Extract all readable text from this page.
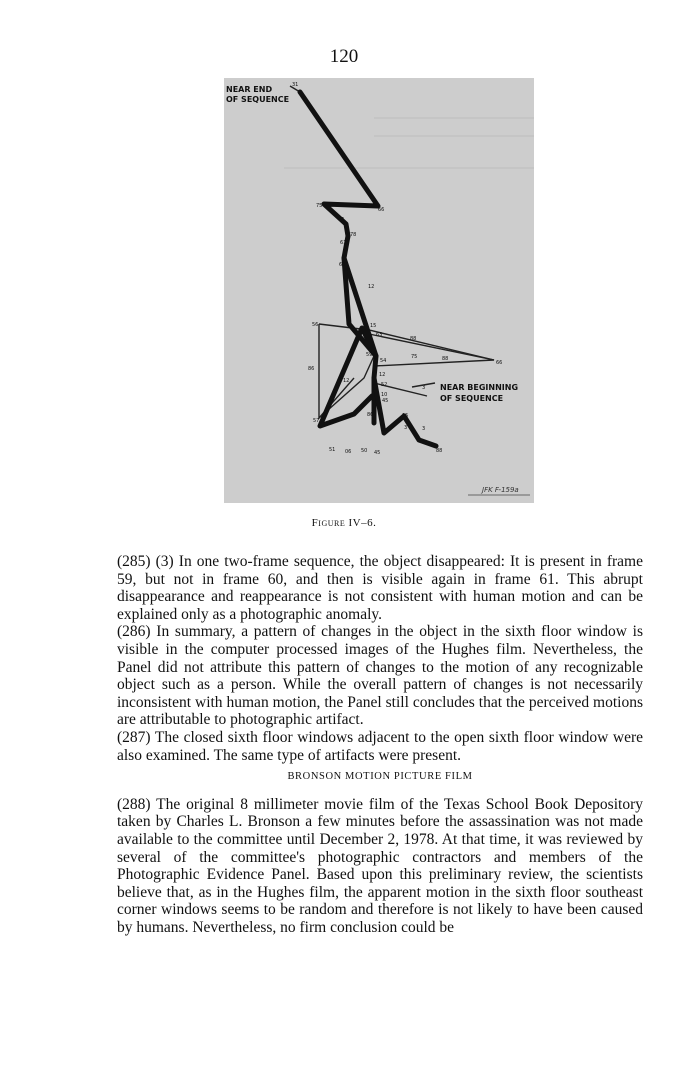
120
31
66
75
3
78
61
63
12
56	15
63
88
88
66
59
54
75
12
86
12
52
10
45
3
35
86
57
3
3
51 06 50 45	88
NEAR END
OF SEQUENCE
NEAR BEGINNING
OF SEQUENCE
JFK F-159a
Figure IV–6.

(285) (3) In one two-frame sequence, the object disappeared: It is present in frame 59, but not in frame 60, and then is visible again in frame 61. This abrupt disappearance and reappearance is not consistent with human motion and can be explained only as a photographic anomaly.

(286) In summary, a pattern of changes in the object in the sixth floor window is visible in the computer processed images of the Hughes film. Nevertheless, the Panel did not attribute this pattern of changes to the motion of any recognizable object such as a person. While the overall pattern of changes is not necessarily inconsistent with human motion, the Panel still concludes that the perceived motions are attributable to photographic artifact.

(287) The closed sixth floor windows adjacent to the open sixth floor window were also examined. The same type of artifacts were present.

BRONSON MOTION PICTURE FILM

(288) The original 8 millimeter movie film of the Texas School Book Depository taken by Charles L. Bronson a few minutes before the assassination was not made available to the committee until December 2, 1978. At that time, it was reviewed by several of the committee's photographic contractors and members of the Photographic Evidence Panel. Based upon this preliminary review, the scientists believe that, as in the Hughes film, the apparent motion in the sixth floor southeast corner windows seems to be random and therefore is not likely to have been caused by humans. Nevertheless, no firm conclusion could be
